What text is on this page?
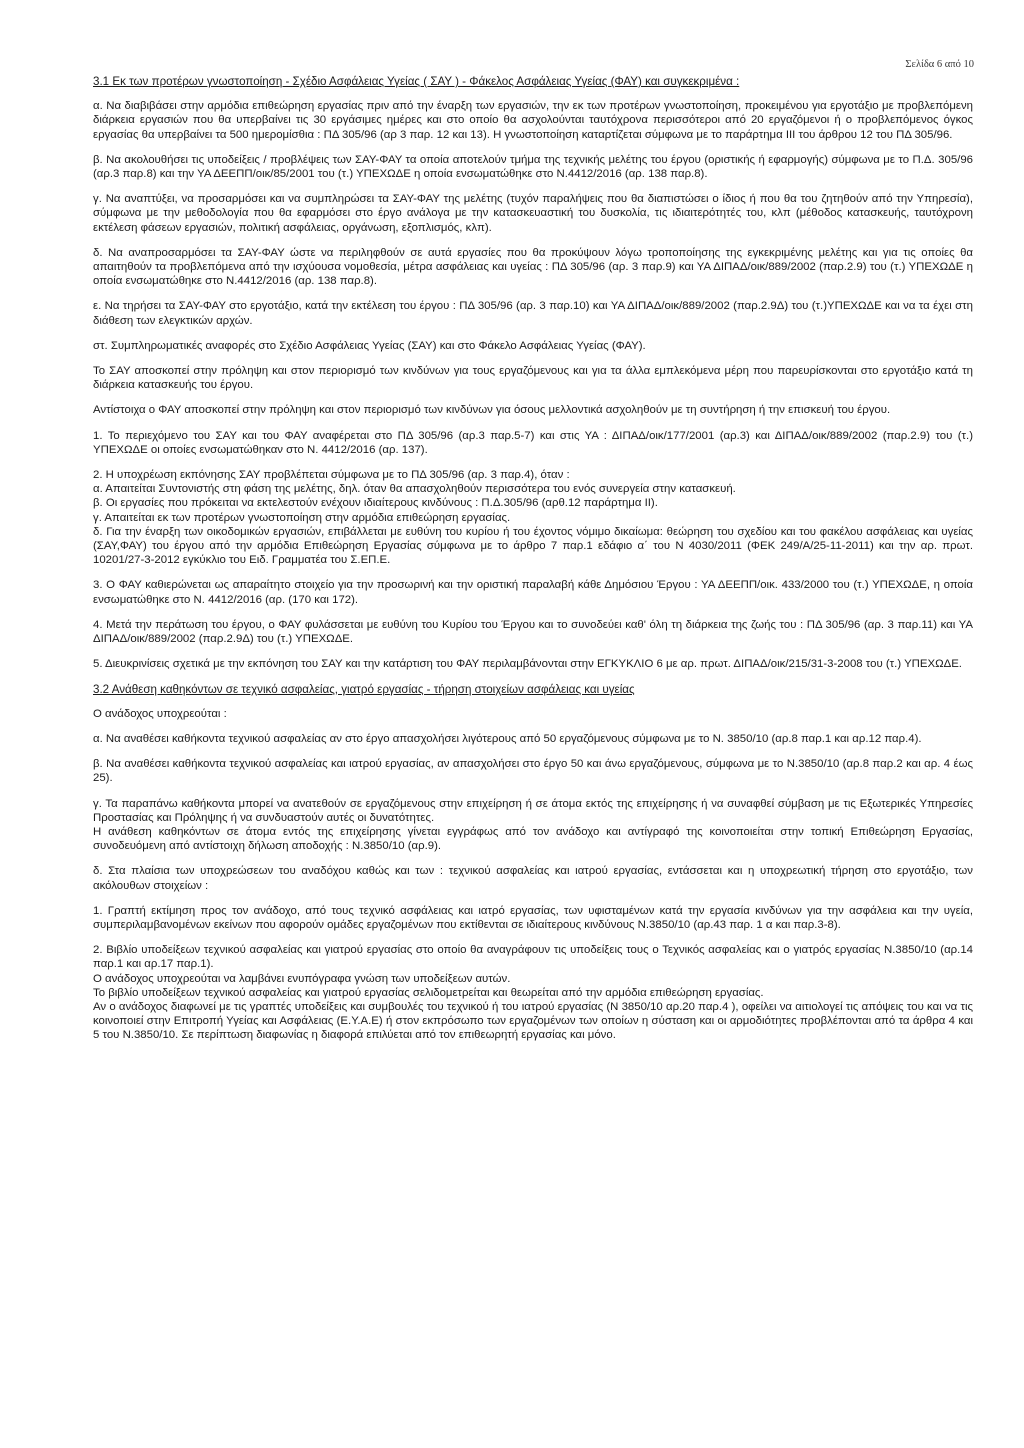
Σελίδα 6 από 10
3.1 Εκ των προτέρων γνωστοποίηση - Σχέδιο Ασφάλειας Υγείας ( ΣΑΥ ) - Φάκελος Ασφάλειας Υγείας (ΦΑΥ) και συγκεκριμένα :

α. Να διαβιβάσει στην αρμόδια επιθεώρηση εργασίας πριν από την έναρξη των εργασιών, την εκ των προτέρων γνωστοποίηση, προκειμένου για εργοτάξιο με προβλεπόμενη διάρκεια εργασιών που θα υπερβαίνει τις 30 εργάσιμες ημέρες και στο οποίο θα ασχολούνται ταυτόχρονα περισσότεροι από 20 εργαζόμενοι ή ο προβλεπόμενος όγκος εργασίας θα υπερβαίνει τα 500 ημερομίσθια : ΠΔ 305/96 (αρ 3 παρ. 12 και 13). Η γνωστοποίηση καταρτίζεται σύμφωνα με το παράρτημα III του άρθρου 12 του ΠΔ 305/96.

β. Να ακολουθήσει τις υποδείξεις / προβλέψεις των ΣΑΥ-ΦΑΥ τα οποία αποτελούν τμήμα της τεχνικής μελέτης του έργου (οριστικής ή εφαρμογής) σύμφωνα με το Π.Δ. 305/96 (αρ.3 παρ.8) και την ΥΑ ΔΕΕΠΠ/οικ/85/2001 του (τ.) ΥΠΕΧΩΔΕ η οποία ενσωματώθηκε στο Ν.4412/2016 (αρ. 138 παρ.8).

γ. Να αναπτύξει, να προσαρμόσει και να συμπληρώσει τα ΣΑΥ-ΦΑΥ της μελέτης (τυχόν παραλήψεις που θα διαπιστώσει ο ίδιος ή που θα του ζητηθούν από την Υπηρεσία), σύμφωνα με την μεθοδολογία που θα εφαρμόσει στο έργο ανάλογα με την κατασκευαστική του δυσκολία, τις ιδιαιτερότητές του, κλπ (μέθοδος κατασκευής, ταυτόχρονη εκτέλεση φάσεων εργασιών, πολιτική ασφάλειας, οργάνωση, εξοπλισμός, κλπ).

δ. Να αναπροσαρμόσει τα ΣΑΥ-ΦΑΥ ώστε να περιληφθούν σε αυτά εργασίες που θα προκύψουν λόγω τροποποίησης της εγκεκριμένης μελέτης και για τις οποίες θα απαιτηθούν τα προβλεπόμενα από την ισχύουσα νομοθεσία, μέτρα ασφάλειας και υγείας : ΠΔ 305/96 (αρ. 3 παρ.9) και ΥΑ ΔΙΠΑΔ/οικ/889/2002 (παρ.2.9) του (τ.) ΥΠΕΧΩΔΕ η οποία ενσωματώθηκε στο Ν.4412/2016 (αρ. 138 παρ.8).

ε. Να τηρήσει τα ΣΑΥ-ΦΑΥ στο εργοτάξιο, κατά την εκτέλεση του έργου : ΠΔ 305/96 (αρ. 3 παρ.10) και ΥΑ ΔΙΠΑΔ/οικ/889/2002 (παρ.2.9Δ) του (τ.)ΥΠΕΧΩΔΕ και να τα έχει στη διάθεση των ελεγκτικών αρχών.

στ. Συμπληρωματικές αναφορές στο Σχέδιο Ασφάλειας Υγείας (ΣΑΥ) και στο Φάκελο Ασφάλειας Υγείας (ΦΑΥ).

Το ΣΑΥ αποσκοπεί στην πρόληψη και στον περιορισμό των κινδύνων για τους εργαζόμενους και για τα άλλα εμπλεκόμενα μέρη που παρευρίσκονται στο εργοτάξιο κατά τη διάρκεια κατασκευής του έργου.

Αντίστοιχα ο ΦΑΥ αποσκοπεί στην πρόληψη και στον περιορισμό των κινδύνων για όσους μελλοντικά ασχοληθούν με τη συντήρηση ή την επισκευή του έργου.

1. Το περιεχόμενο του ΣΑΥ και του ΦΑΥ αναφέρεται στο ΠΔ 305/96 (αρ.3 παρ.5-7) και στις ΥΑ : ΔΙΠΑΔ/οικ/177/2001 (αρ.3) και ΔΙΠΑΔ/οικ/889/2002 (παρ.2.9) του (τ.) ΥΠΕΧΩΔΕ οι οποίες ενσωματώθηκαν στο Ν. 4412/2016 (αρ. 137).

2. Η υποχρέωση εκπόνησης ΣΑΥ προβλέπεται σύμφωνα με το ΠΔ 305/96 (αρ. 3 παρ.4), όταν :
α. Απαιτείται Συντονιστής στη φάση της μελέτης, δηλ. όταν θα απασχοληθούν περισσότερα του ενός συνεργεία στην κατασκευή.
β. Οι εργασίες που πρόκειται να εκτελεστούν ενέχουν ιδιαίτερους κινδύνους : Π.Δ.305/96 (αρθ.12 παράρτημα ΙΙ).
γ. Απαιτείται εκ των προτέρων γνωστοποίηση στην αρμόδια επιθεώρηση εργασίας.
δ. Για την έναρξη των οικοδομικών εργασιών, επιβάλλεται με ευθύνη του κυρίου ή του έχοντος νόμιμο δικαίωμα: θεώρηση του σχεδίου και του φακέλου ασφάλειας και υγείας (ΣΑΥ,ΦΑΥ) του έργου από την αρμόδια Επιθεώρηση Εργασίας σύμφωνα με το άρθρο 7 παρ.1 εδάφιο α΄ του Ν 4030/2011 (ΦΕΚ 249/Α/25-11-2011) και την αρ. πρωτ. 10201/27-3-2012 εγκύκλιο του Ειδ. Γραμματέα του Σ.ΕΠ.Ε.

3. Ο ΦΑΥ καθιερώνεται ως απαραίτητο στοιχείο για την προσωρινή και την οριστική παραλαβή κάθε Δημόσιου Έργου : ΥΑ ΔΕΕΠΠ/οικ. 433/2000 του (τ.) ΥΠΕΧΩΔΕ, η οποία ενσωματώθηκε στο Ν. 4412/2016 (αρ. (170 και 172).

4. Μετά την περάτωση του έργου, ο ΦΑΥ φυλάσσεται με ευθύνη του Κυρίου του Έργου και το συνοδεύει καθ' όλη τη διάρκεια της ζωής του : ΠΔ 305/96 (αρ. 3 παρ.11) και ΥΑ ΔΙΠΑΔ/οικ/889/2002 (παρ.2.9Δ) του (τ.) ΥΠΕΧΩΔΕ.

5. Διευκρινίσεις σχετικά με την εκπόνηση του ΣΑΥ και την κατάρτιση του ΦΑΥ περιλαμβάνονται στην ΕΓΚΥΚΛΙΟ 6 με αρ. πρωτ. ΔΙΠΑΔ/οικ/215/31-3-2008 του (τ.) ΥΠΕΧΩΔΕ.

3.2 Ανάθεση καθηκόντων σε τεχνικό ασφαλείας, γιατρό εργασίας - τήρηση στοιχείων ασφάλειας και υγείας

Ο ανάδοχος υποχρεούται :

α. Να αναθέσει καθήκοντα τεχνικού ασφαλείας αν στο έργο απασχολήσει λιγότερους από 50 εργαζόμενους σύμφωνα με το Ν. 3850/10 (αρ.8 παρ.1 και αρ.12 παρ.4).

β. Να αναθέσει καθήκοντα τεχνικού ασφαλείας και ιατρού εργασίας, αν απασχολήσει στο έργο 50 και άνω εργαζόμενους, σύμφωνα με το Ν.3850/10 (αρ.8 παρ.2 και αρ. 4 έως 25).

γ. Τα παραπάνω καθήκοντα μπορεί να ανατεθούν σε εργαζόμενους στην επιχείρηση ή σε άτομα εκτός της επιχείρησης ή να συναφθεί σύμβαση με τις Εξωτερικές Υπηρεσίες Προστασίας και Πρόληψης ή να συνδυαστούν αυτές οι δυνατότητες.
Η ανάθεση καθηκόντων σε άτομα εντός της επιχείρησης γίνεται εγγράφως από τον ανάδοχο και αντίγραφό της κοινοποιείται στην τοπική Επιθεώρηση Εργασίας, συνοδευόμενη από αντίστοιχη δήλωση αποδοχής : Ν.3850/10 (αρ.9).

δ. Στα πλαίσια των υποχρεώσεων του αναδόχου καθώς και των : τεχνικού ασφαλείας και ιατρού εργασίας, εντάσσεται και η υποχρεωτική τήρηση στο εργοτάξιο, των ακόλουθων στοιχείων :

1. Γραπτή εκτίμηση προς τον ανάδοχο, από τους τεχνικό ασφάλειας και ιατρό εργασίας, των υφισταμένων κατά την εργασία κινδύνων για την ασφάλεια και την υγεία, συμπεριλαμβανομένων εκείνων που αφορούν ομάδες εργαζομένων που εκτίθενται σε ιδιαίτερους κινδύνους Ν.3850/10 (αρ.43 παρ. 1 α και παρ.3-8).

2. Βιβλίο υποδείξεων τεχνικού ασφαλείας και γιατρού εργασίας στο οποίο θα αναγράφουν τις υποδείξεις τους ο Τεχνικός ασφαλείας και ο γιατρός εργασίας Ν.3850/10 (αρ.14 παρ.1 και αρ.17 παρ.1).
Ο ανάδοχος υποχρεούται να λαμβάνει ενυπόγραφα γνώση των υποδείξεων αυτών.
Το βιβλίο υποδείξεων τεχνικού ασφαλείας και γιατρού εργασίας σελιδομετρείται και θεωρείται από την αρμόδια επιθεώρηση εργασίας.
Αν ο ανάδοχος διαφωνεί με τις γραπτές υποδείξεις και συμβουλές του τεχνικού ή του ιατρού εργασίας (Ν 3850/10 αρ.20 παρ.4 ), οφείλει να αιτιολογεί τις απόψεις του και να τις κοινοποιεί στην Επιτροπή Υγείας και Ασφάλειας (Ε.Υ.Α.Ε) ή στον εκπρόσωπο των εργαζομένων των οποίων η σύσταση και οι αρμοδιότητες προβλέπονται από τα άρθρα 4 και 5 του Ν.3850/10. Σε περίπτωση διαφωνίας η διαφορά επιλύεται από τον επιθεωρητή εργασίας και μόνο.
